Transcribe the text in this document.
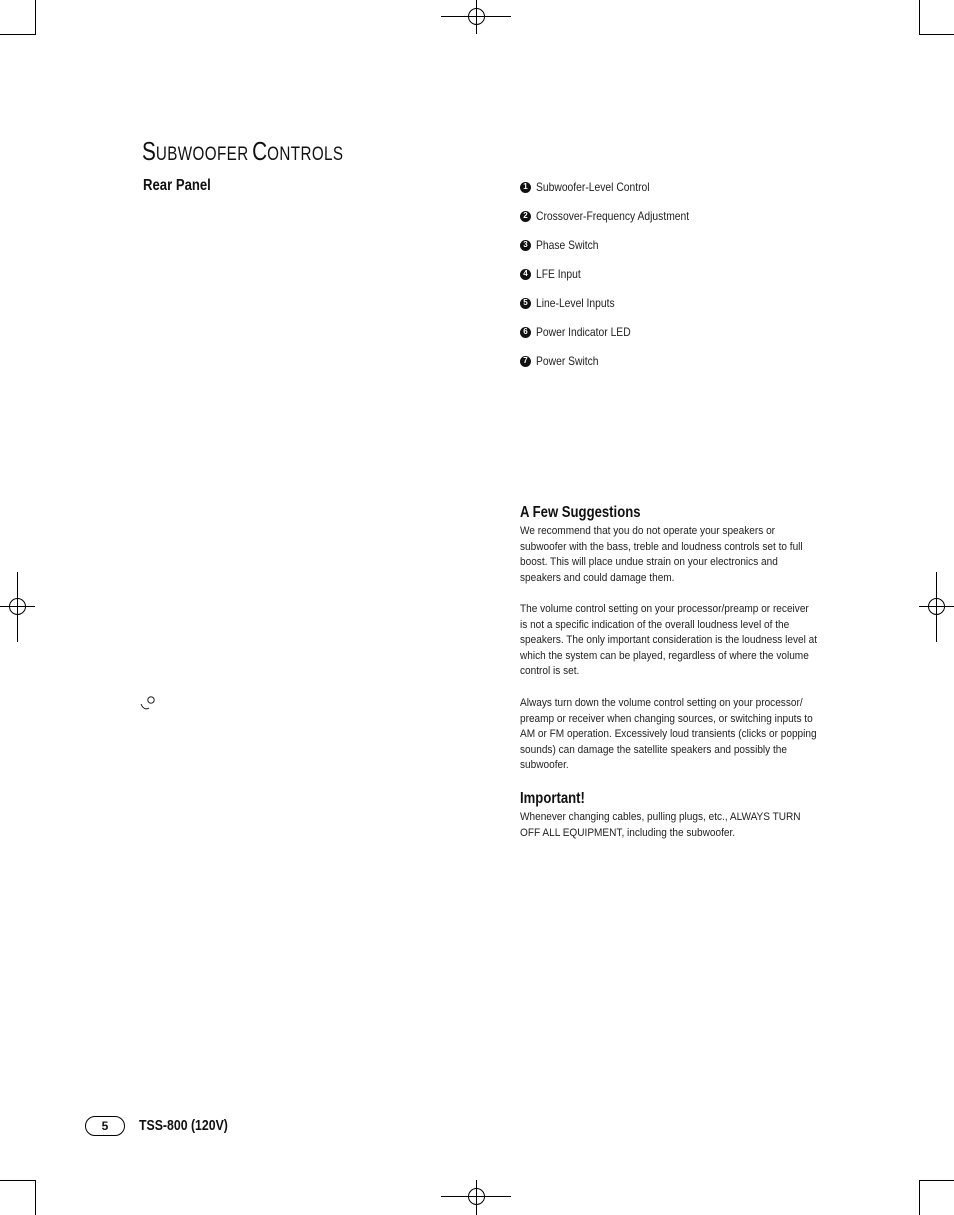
SUBWOOFER CONTROLS
Rear Panel	1 Subwoofer-Level Control
2 Crossover-Frequency Adjustment
3 Phase Switch
4 LFE Input
5 Line-Level Inputs
6 Power Indicator LED
7 Power Switch
A Few Suggestions
We recommend that you do not operate your speakers or subwoofer with the bass, treble and loudness controls set to full boost. This will place undue strain on your electronics and speakers and could damage them.
The volume control setting on your processor/preamp or receiver is not a specific indication of the overall loudness level of the speakers. The only important consideration is the loudness level at which the system can be played, regardless of where the volume control is set.
Always turn down the volume control setting on your processor/ preamp or receiver when changing sources, or switching inputs to AM or FM operation. Excessively loud transients (clicks or popping sounds) can damage the satellite speakers and possibly the subwoofer.
Important!
Whenever changing cables, pulling plugs, etc., ALWAYS TURN OFF ALL EQUIPMENT, including the subwoofer.
5 TSS-800 (120V)
